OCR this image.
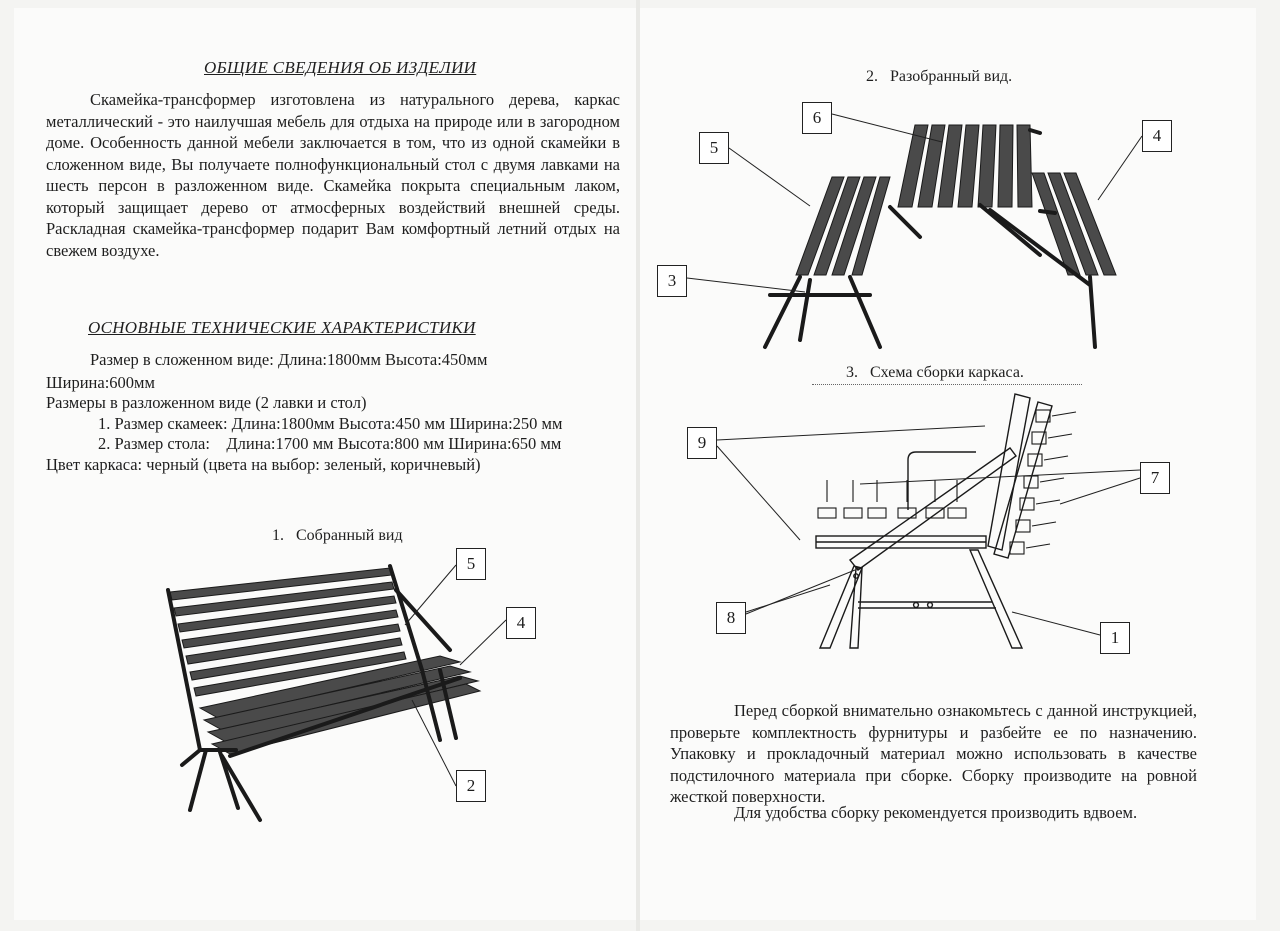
ОБЩИЕ СВЕДЕНИЯ ОБ ИЗДЕЛИИ

Скамейка-трансформер изготовлена из натурального дерева, каркас металлический - это наилучшая мебель для отдыха на природе или в загородном доме. Особенность данной мебели заключается в том, что из одной скамейки в сложенном виде, Вы получаете полнофункциональный стол с двумя лавками на шесть персон в разложенном виде. Скамейка покрыта специальным лаком, который защищает дерево от атмосферных воздействий внешней среды. Раскладная скамейка-трансформер подарит Вам комфортный летний отдых на свежем воздухе.

ОСНОВНЫЕ ТЕХНИЧЕСКИЕ ХАРАКТЕРИСТИКИ
Размер в сложенном виде: Длина:1800мм Высота:450мм
Ширина:600мм
Размеры в разложенном виде (2 лавки и стол)
1. Размер скамеек: Длина:1800мм Высота:450 мм Ширина:250 мм
2. Размер стола:    Длина:1700 мм Высота:800 мм Ширина:650 мм
Цвет каркаса: черный (цвета на выбор: зеленый, коричневый)
1.   Собранный вид
5
4
2
2.   Разобранный вид.
6
5
4
3
3.   Схема сборки каркаса.
9
7
8
1

Перед сборкой внимательно ознакомьтесь с данной инструкцией, проверьте комплектность фурнитуры и разбейте ее по назначению. Упаковку и прокладочный материал можно использовать в качестве подстилочного материала при сборке. Сборку производите на ровной жесткой поверхности.

Для удобства сборку рекомендуется производить вдвоем.
